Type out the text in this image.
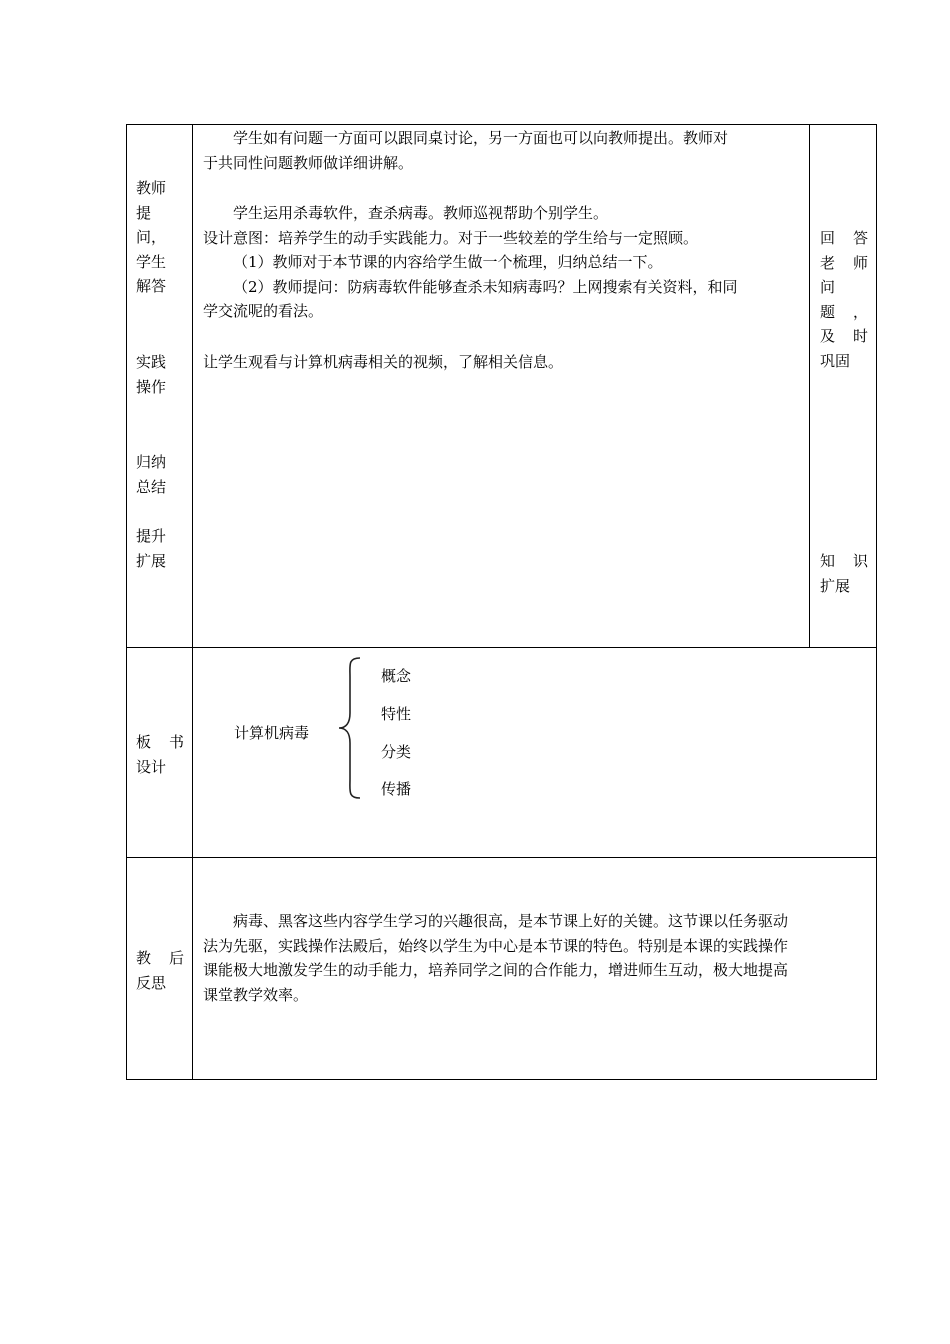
教师
提
问，
学生
解答
实践
操作
归纳
总结
提升
扩展
学生如有问题一方面可以跟同桌讨论，另一方面也可以向教师提出。教师对
于共同性问题教师做详细讲解。
学生运用杀毒软件，查杀病毒。教师巡视帮助个别学生。
设计意图：培养学生的动手实践能力。对于一些较差的学生给与一定照顾。
（1）教师对于本节课的内容给学生做一个梳理，归纳总结一下。
（2）教师提问：防病毒软件能够查杀未知病毒吗？上网搜索有关资料，和同
学交流呢的看法。
让学生观看与计算机病毒相关的视频，了解相关信息。
回 答
老 师
问
题 ，
及 时
巩固
知 识
扩展
板 书
设计
计算机病毒
概念
特性
分类
传播
教 后
反思
病毒、黑客这些内容学生学习的兴趣很高，是本节课上好的关键。这节课以任务驱动
法为先驱，实践操作法殿后，始终以学生为中心是本节课的特色。特别是本课的实践操作
课能极大地激发学生的动手能力，培养同学之间的合作能力，增进师生互动，极大地提高
课堂教学效率。
